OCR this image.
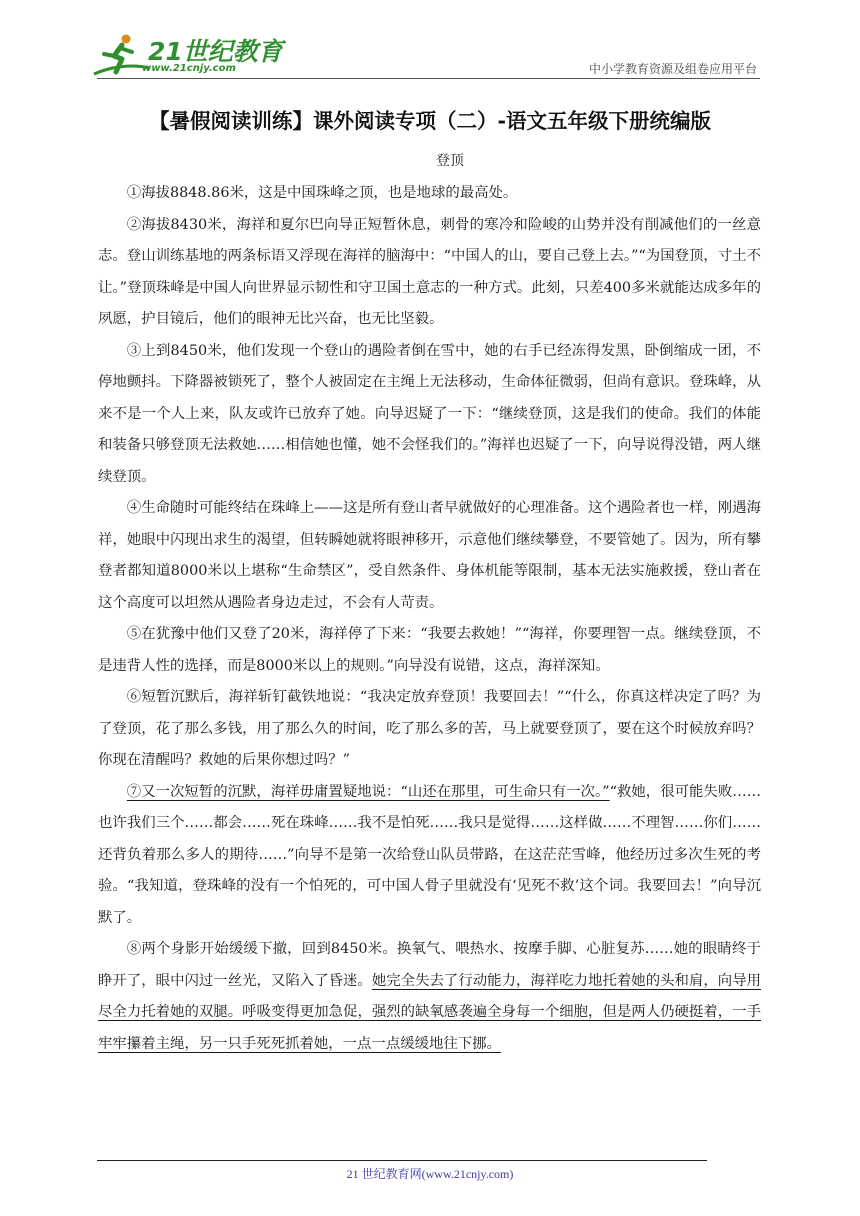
21世纪教育
www.21cnjy.com	中小学教育资源及组卷应用平台
【暑假阅读训练】课外阅读专项（二）-语文五年级下册统编版
登顶

①海拔8848.86米，这是中国珠峰之顶，也是地球的最高处。

②海拔8430米，海祥和夏尔巴向导正短暂休息，刺骨的寒冷和险峻的山势并没有削减他们的一丝意志。登山训练基地的两条标语又浮现在海祥的脑海中：“中国人的山，要自己登上去。”“为国登顶，寸土不让。”登顶珠峰是中国人向世界显示韧性和守卫国土意志的一种方式。此刻，只差400多米就能达成多年的夙愿，护目镜后，他们的眼神无比兴奋，也无比坚毅。

③上到8450米，他们发现一个登山的遇险者倒在雪中，她的右手已经冻得发黑，卧倒缩成一团，不停地颤抖。下降器被锁死了，整个人被固定在主绳上无法移动，生命体征微弱，但尚有意识。登珠峰，从来不是一个人上来，队友或许已放弃了她。向导迟疑了一下：“继续登顶，这是我们的使命。我们的体能和装备只够登顶无法救她……相信她也懂，她不会怪我们的。”海祥也迟疑了一下，向导说得没错，两人继续登顶。

④生命随时可能终结在珠峰上——这是所有登山者早就做好的心理准备。这个遇险者也一样，刚遇海祥，她眼中闪现出求生的渴望，但转瞬她就将眼神移开，示意他们继续攀登，不要管她了。因为，所有攀登者都知道8000米以上堪称“生命禁区”，受自然条件、身体机能等限制，基本无法实施救援，登山者在这个高度可以坦然从遇险者身边走过，不会有人苛责。

⑤在犹豫中他们又登了20米，海祥停了下来：“我要去救她！”“海祥，你要理智一点。继续登顶，不是违背人性的选择，而是8000米以上的规则。”向导没有说错，这点，海祥深知。

⑥短暂沉默后，海祥斩钉截铁地说：“我决定放弃登顶！我要回去！”“什么，你真这样决定了吗？为了登顶，花了那么多钱，用了那么久的时间，吃了那么多的苦，马上就要登顶了，要在这个时候放弃吗？你现在清醒吗？救她的后果你想过吗？”

⑦又一次短暂的沉默，海祥毋庸置疑地说：“山还在那里，可生命只有一次。”“救她，很可能失败……也许我们三个……都会……死在珠峰……我不是怕死……我只是觉得……这样做……不理智……你们……还背负着那么多人的期待……”向导不是第一次给登山队员带路，在这茫茫雪峰，他经历过多次生死的考验。“我知道，登珠峰的没有一个怕死的，可中国人骨子里就没有‘见死不救’这个词。我要回去！”向导沉默了。

⑧两个身影开始缓缓下撤，回到8450米。换氧气、喂热水、按摩手脚、心脏复苏……她的眼睛终于睁开了，眼中闪过一丝光，又陷入了昏迷。她完全失去了行动能力，海祥吃力地托着她的头和肩，向导用尽全力托着她的双腿。呼吸变得更加急促，强烈的缺氧感袭遍全身每一个细胞，但是两人仍硬挺着，一手牢牢攥着主绳，另一只手死死抓着她，一点一点缓缓地往下挪。

21 世纪教育网(www.21cnjy.com)
